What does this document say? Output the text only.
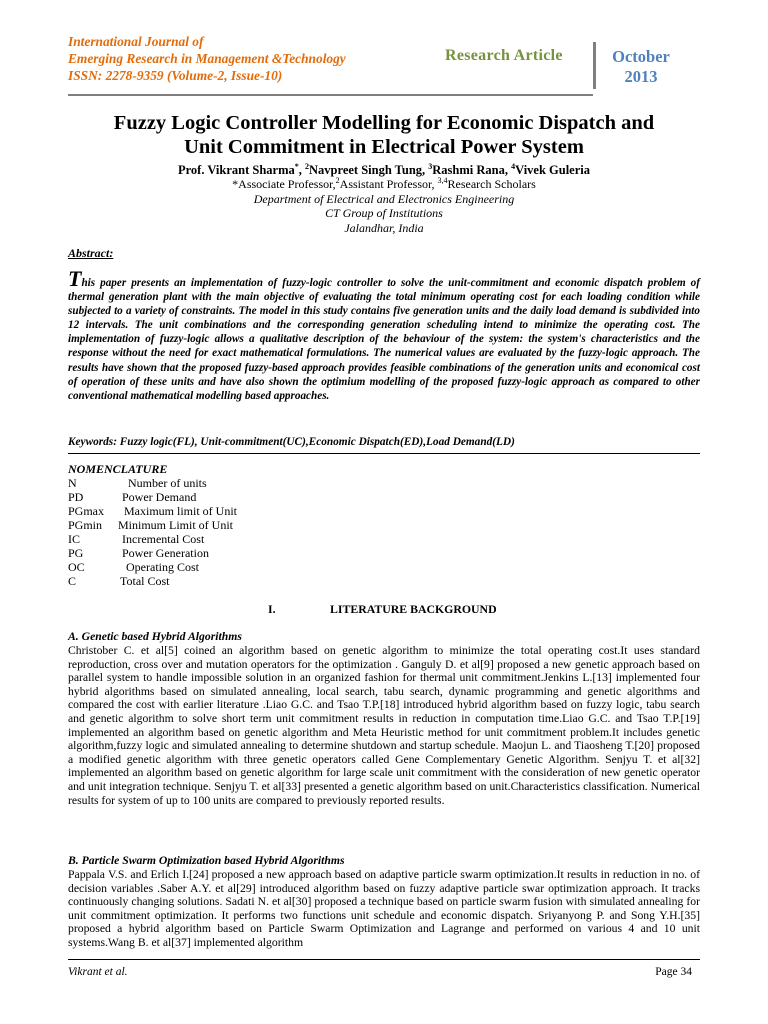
International Journal of
Emerging Research in Management &Technology
ISSN: 2278-9359 (Volume-2, Issue-10)
Research Article	October
2013
Fuzzy Logic Controller Modelling for Economic Dispatch and
Unit Commitment in Electrical Power System
Prof. Vikrant Sharma*, $^2$Navpreet Singh Tung, $^3$Rashmi Rana, $^4$Vivek Guleria
*Associate Professor,$^2$Assistant Professor, $^{3,4}$Research Scholars
Department of Electrical and Electronics Engineering
CT Group of Institutions
Jalandhar, India
Abstract:
This paper presents an implementation of fuzzy-logic controller to solve the unit-commitment and economic dispatch problem of thermal generation plant with the main objective of evaluating the total minimum operating cost for each loading condition while subjected to a variety of constraints. The model in this study contains five generation units and the daily load demand is subdivided into 12 intervals. The unit combinations and the corresponding generation scheduling intend to minimize the operating cost. The implementation of fuzzy-logic allows a qualitative description of the behaviour of the system: the system's characteristics and the response without the need for exact mathematical formulations. The numerical values are evaluated by the fuzzy-logic approach. The results have shown that the proposed fuzzy-based approach provides feasible combinations of the generation units and economical cost of operation of these units and have also shown the optimium modelling of the proposed fuzzy-logic approach as compared to other conventional mathematical modelling based approaches.
Keywords: Fuzzy logic(FL), Unit-commitment(UC),Economic Dispatch(ED),Load Demand(LD)
NOMENCLATURE
N	Number of units
PD	Power Demand
PGmax Maximum limit of Unit
PGmin Minimum Limit of Unit
IC	Incremental Cost
PG	Power Generation
OC	Operating Cost
C	Total Cost
I.	LITERATURE BACKGROUND
A. Genetic based Hybrid Algorithms
Christober C. et al[5] coined an algorithm based on genetic algorithm to minimize the total operating cost.It uses standard reproduction, cross over and mutation operators for the optimization . Ganguly D. et al[9] proposed a new genetic approach based on parallel system to handle impossible solution in an organized fashion for thermal unit commitment.Jenkins L.[13] implemented four hybrid algorithms based on simulated annealing, local search, tabu search, dynamic programming and genetic algorithms and compared the cost with earlier literature .Liao G.C. and Tsao T.P.[18] introduced hybrid algorithm based on fuzzy logic, tabu search and genetic algorithm to solve short term unit commitment results in reduction in computation time.Liao G.C. and Tsao T.P.[19] implemented an algorithm based on genetic algorithm and Meta Heuristic method for unit commitment problem.It includes genetic algorithm,fuzzy logic and simulated annealing to determine shutdown and startup schedule. Maojun L. and Tiaosheng T.[20] proposed a modified genetic algorithm with three genetic operators called Gene Complementary Genetic Algorithm. Senjyu T. et al[32] implemented an algorithm based on genetic algorithm for large scale unit commitment with the consideration of new genetic operator and unit integration technique. Senjyu T. et al[33] presented a genetic algorithm based on unit.Characteristics classification. Numerical results for system of up to 100 units are compared to previously reported results.
B. Particle Swarm Optimization based Hybrid Algorithms
Pappala V.S. and Erlich I.[24] proposed a new approach based on adaptive particle swarm optimization.It results in reduction in no. of decision variables .Saber A.Y. et al[29] introduced algorithm based on fuzzy adaptive particle swar optimization approach. It tracks continuously changing solutions. Sadati N. et al[30] proposed a technique based on particle swarm fusion with simulated annealing for unit commitment optimization. It performs two functions unit schedule and economic dispatch. Sriyanyong P. and Song Y.H.[35] proposed a hybrid algorithm based on Particle Swarm Optimization and Lagrange and performed on various 4 and 10 unit systems.Wang B. et al[37] implemented algorithm
Vikrant et al.	Page 34
